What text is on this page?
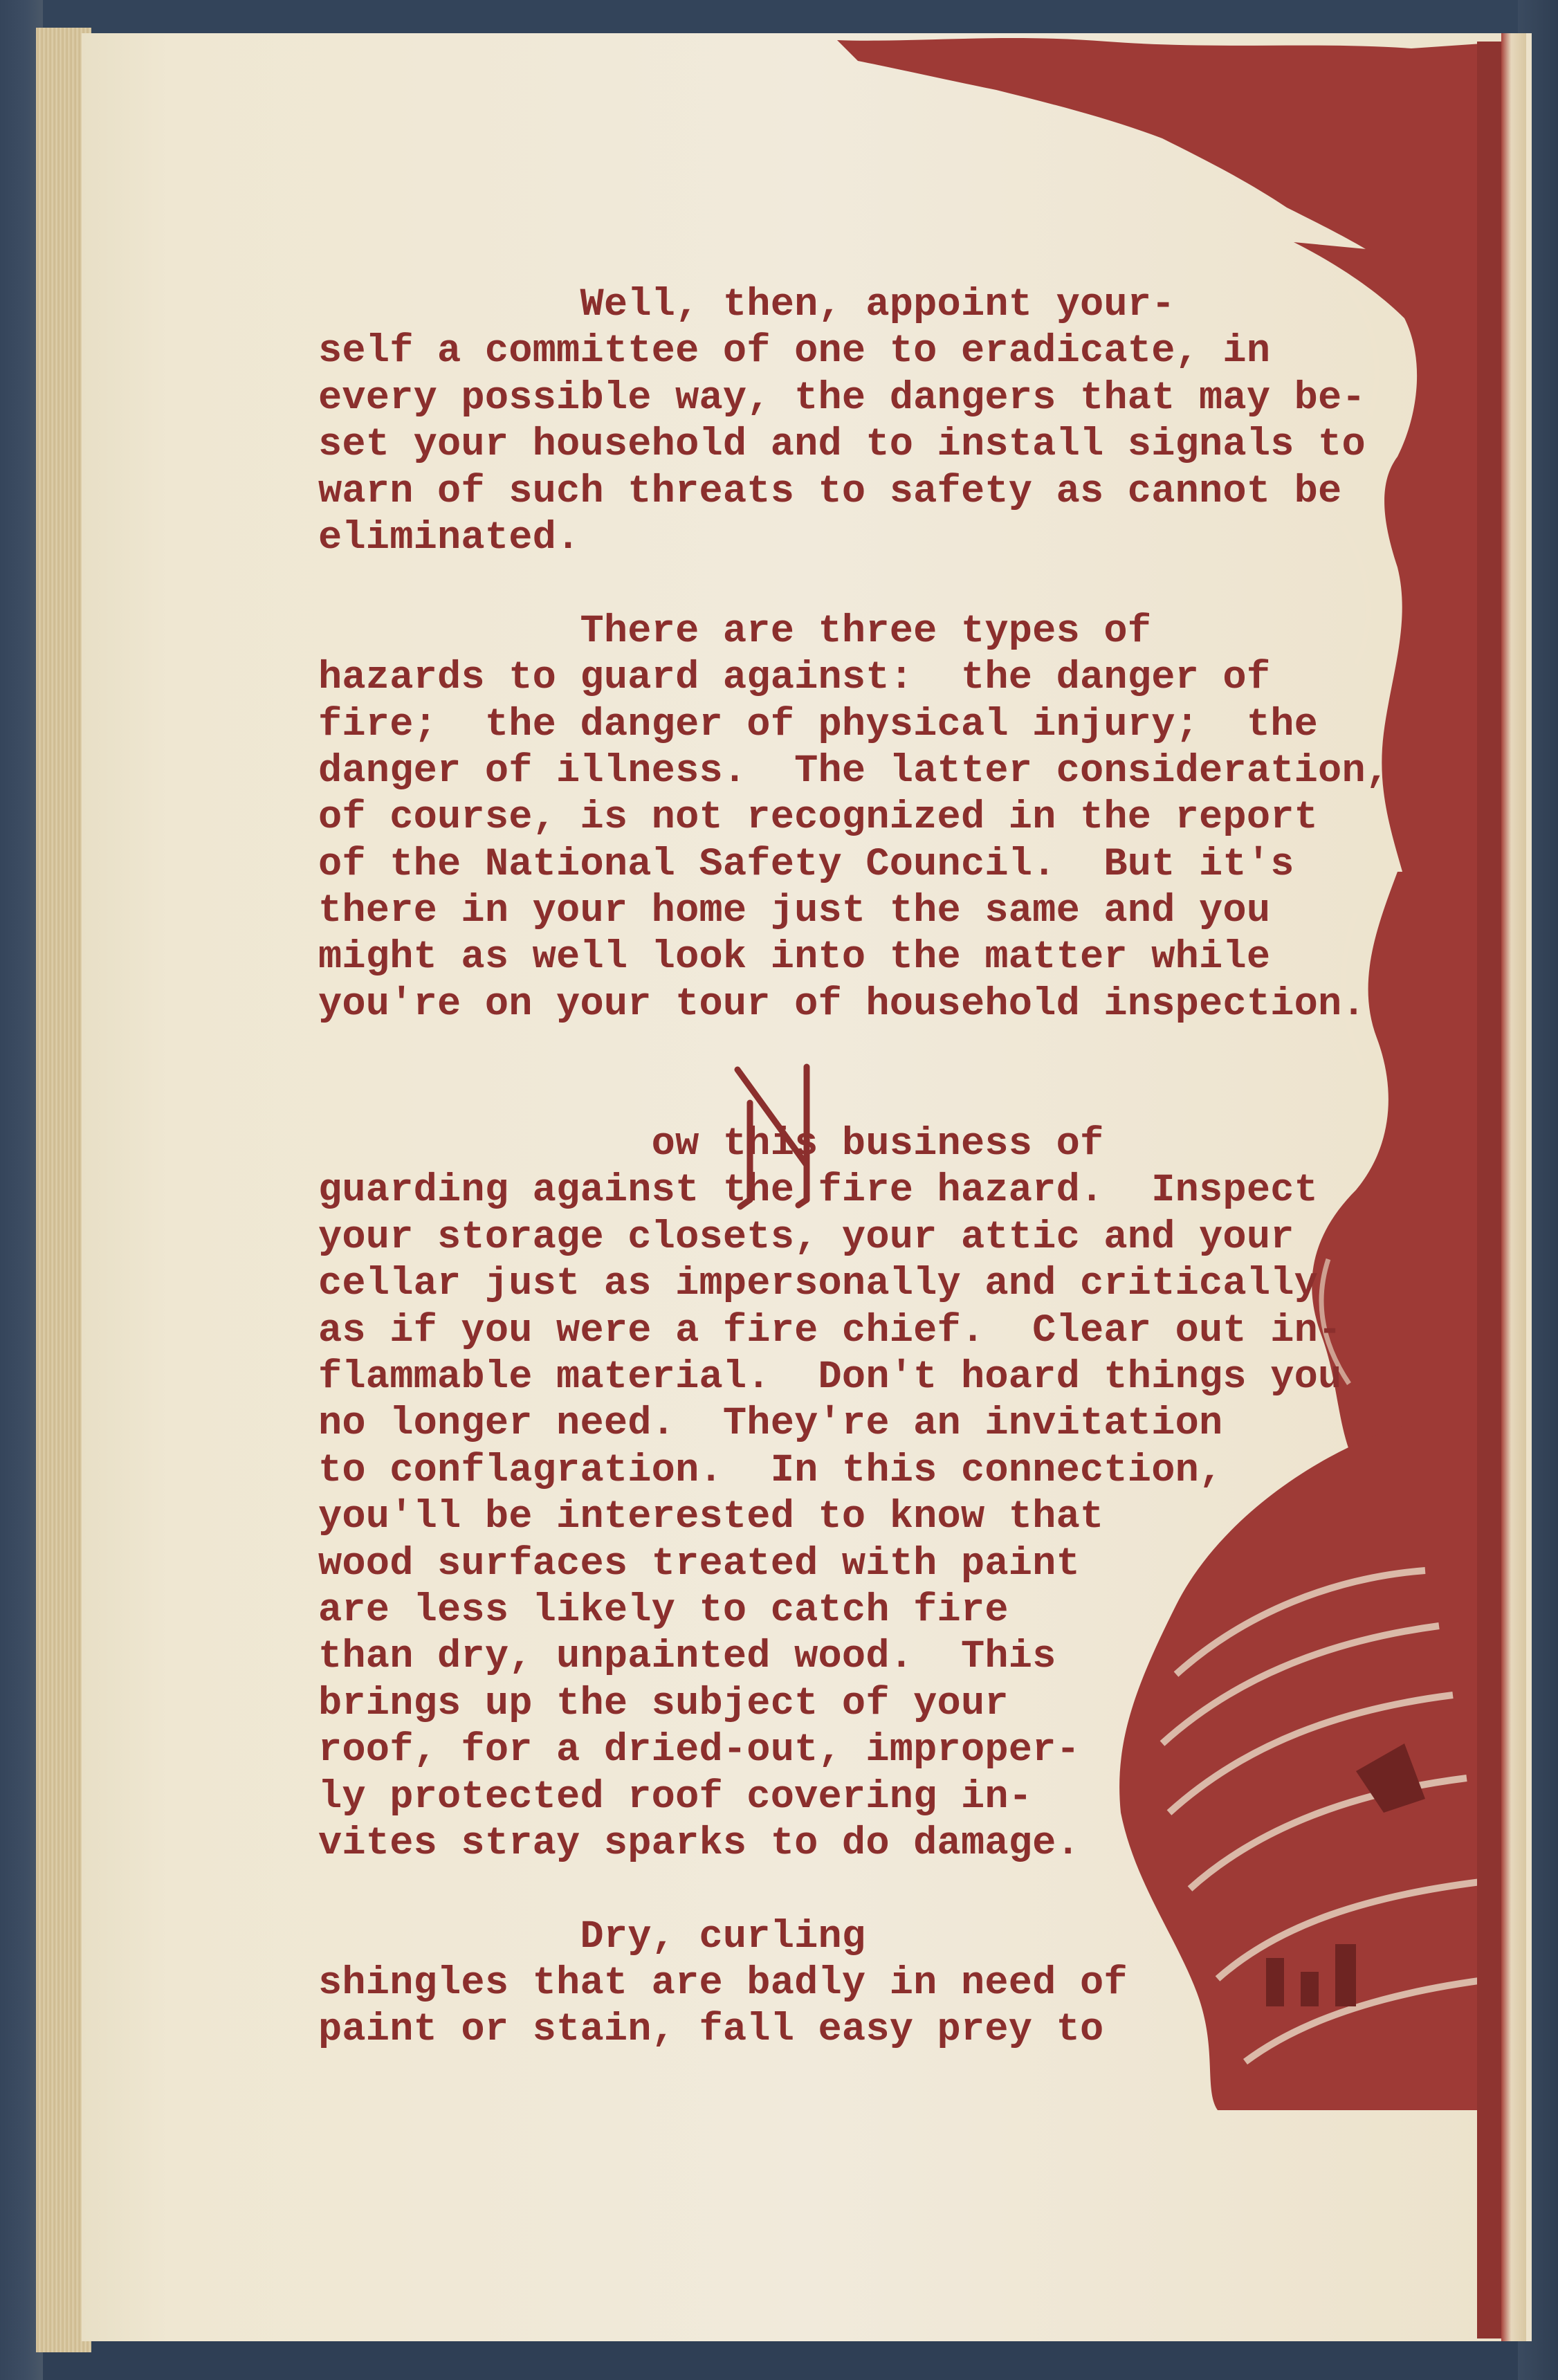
Well, then, appoint your-
self a committee of one to eradicate, in
every possible way, the dangers that may be-
set your household and to install signals to
warn of such threats to safety as cannot be
eliminated.
There are three types of
hazards to guard against:  the danger of
fire;  the danger of physical injury;  the
danger of illness.  The latter consideration,
of course, is not recognized in the report
of the National Safety Council.  But it's
there in your home just the same and you
might as well look into the matter while
you're on your tour of household inspection.
ow this business of
guarding against the fire hazard.  Inspect
your storage closets, your attic and your
cellar just as impersonally and critically
as if you were a fire chief.  Clear out in-
flammable material.  Don't hoard things you
no longer need.  They're an invitation
to conflagration.  In this connection,
you'll be interested to know that
wood surfaces treated with paint
are less likely to catch fire
than dry, unpainted wood.  This
brings up the subject of your
roof, for a dried-out, improper-
ly protected roof covering in-
vites stray sparks to do damage.
Dry, curling
shingles that are badly in need of
paint or stain, fall easy prey to
